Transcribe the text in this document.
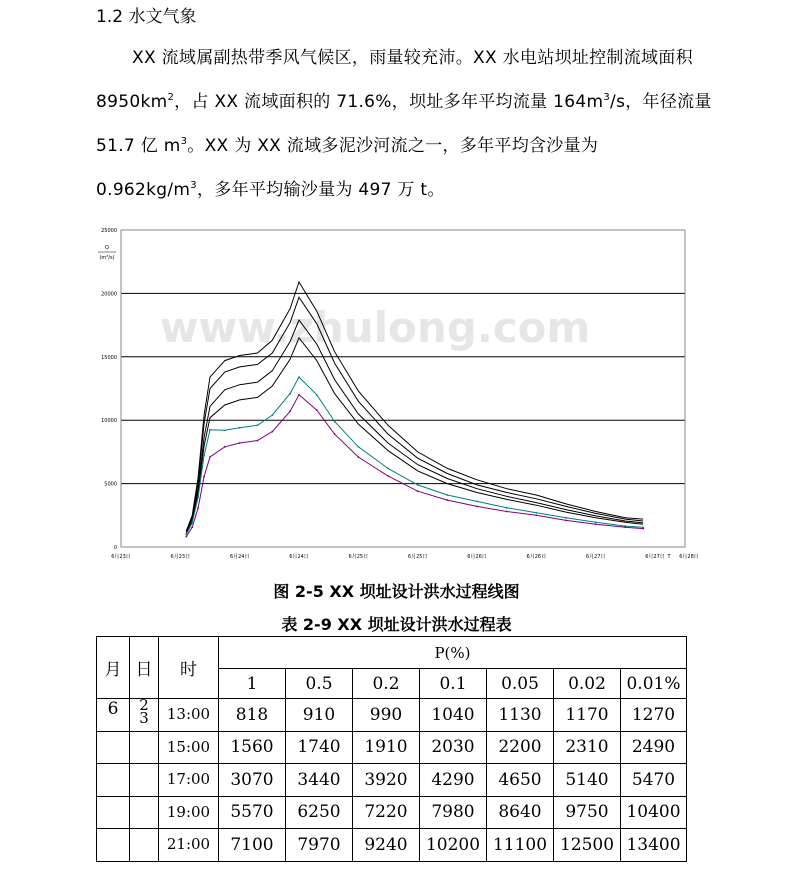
1.2 水文气象
XX 流域属副热带季风气候区，雨量较充沛。XX 水电站坝址控制流域面积 $8950km^2$，占 XX 流域面积的 71.6%，坝址多年平均流量 $164m^3/s$，年径流量 51.7 亿 $m^3$。XX 为 XX 流域多泥沙河流之一，多年平均含沙量为 $0.962kg/m^3$，多年平均输沙量为 497 万 t。
www.zhulong.com
0
5000
10000
15000
20000
25000
Q
(m³/s)
6月23日	6月23日	6月24日	6月24日	6月25日	6月25日	6月26日	6月26日	6月27日	6月27日 T 6月28日
图 2-5 XX 坝址设计洪水过程线图
表 2-9 XX 坝址设计洪水过程表
月	日	时	P(%)						
			1	0.5	0.2	0.1	0.05	0.02	0.01%
6	23	13:00	818	910	990	1040	1130	1170	1270

		15:00	1560	1740	1910	2030	2200	2310	2490

		17:00	3070	3440	3920	4290	4650	5140	5470

		19:00	5570	6250	7220	7980	8640	9750	10400

		21:00	7100	7970	9240	10200	11100	12500	13400
